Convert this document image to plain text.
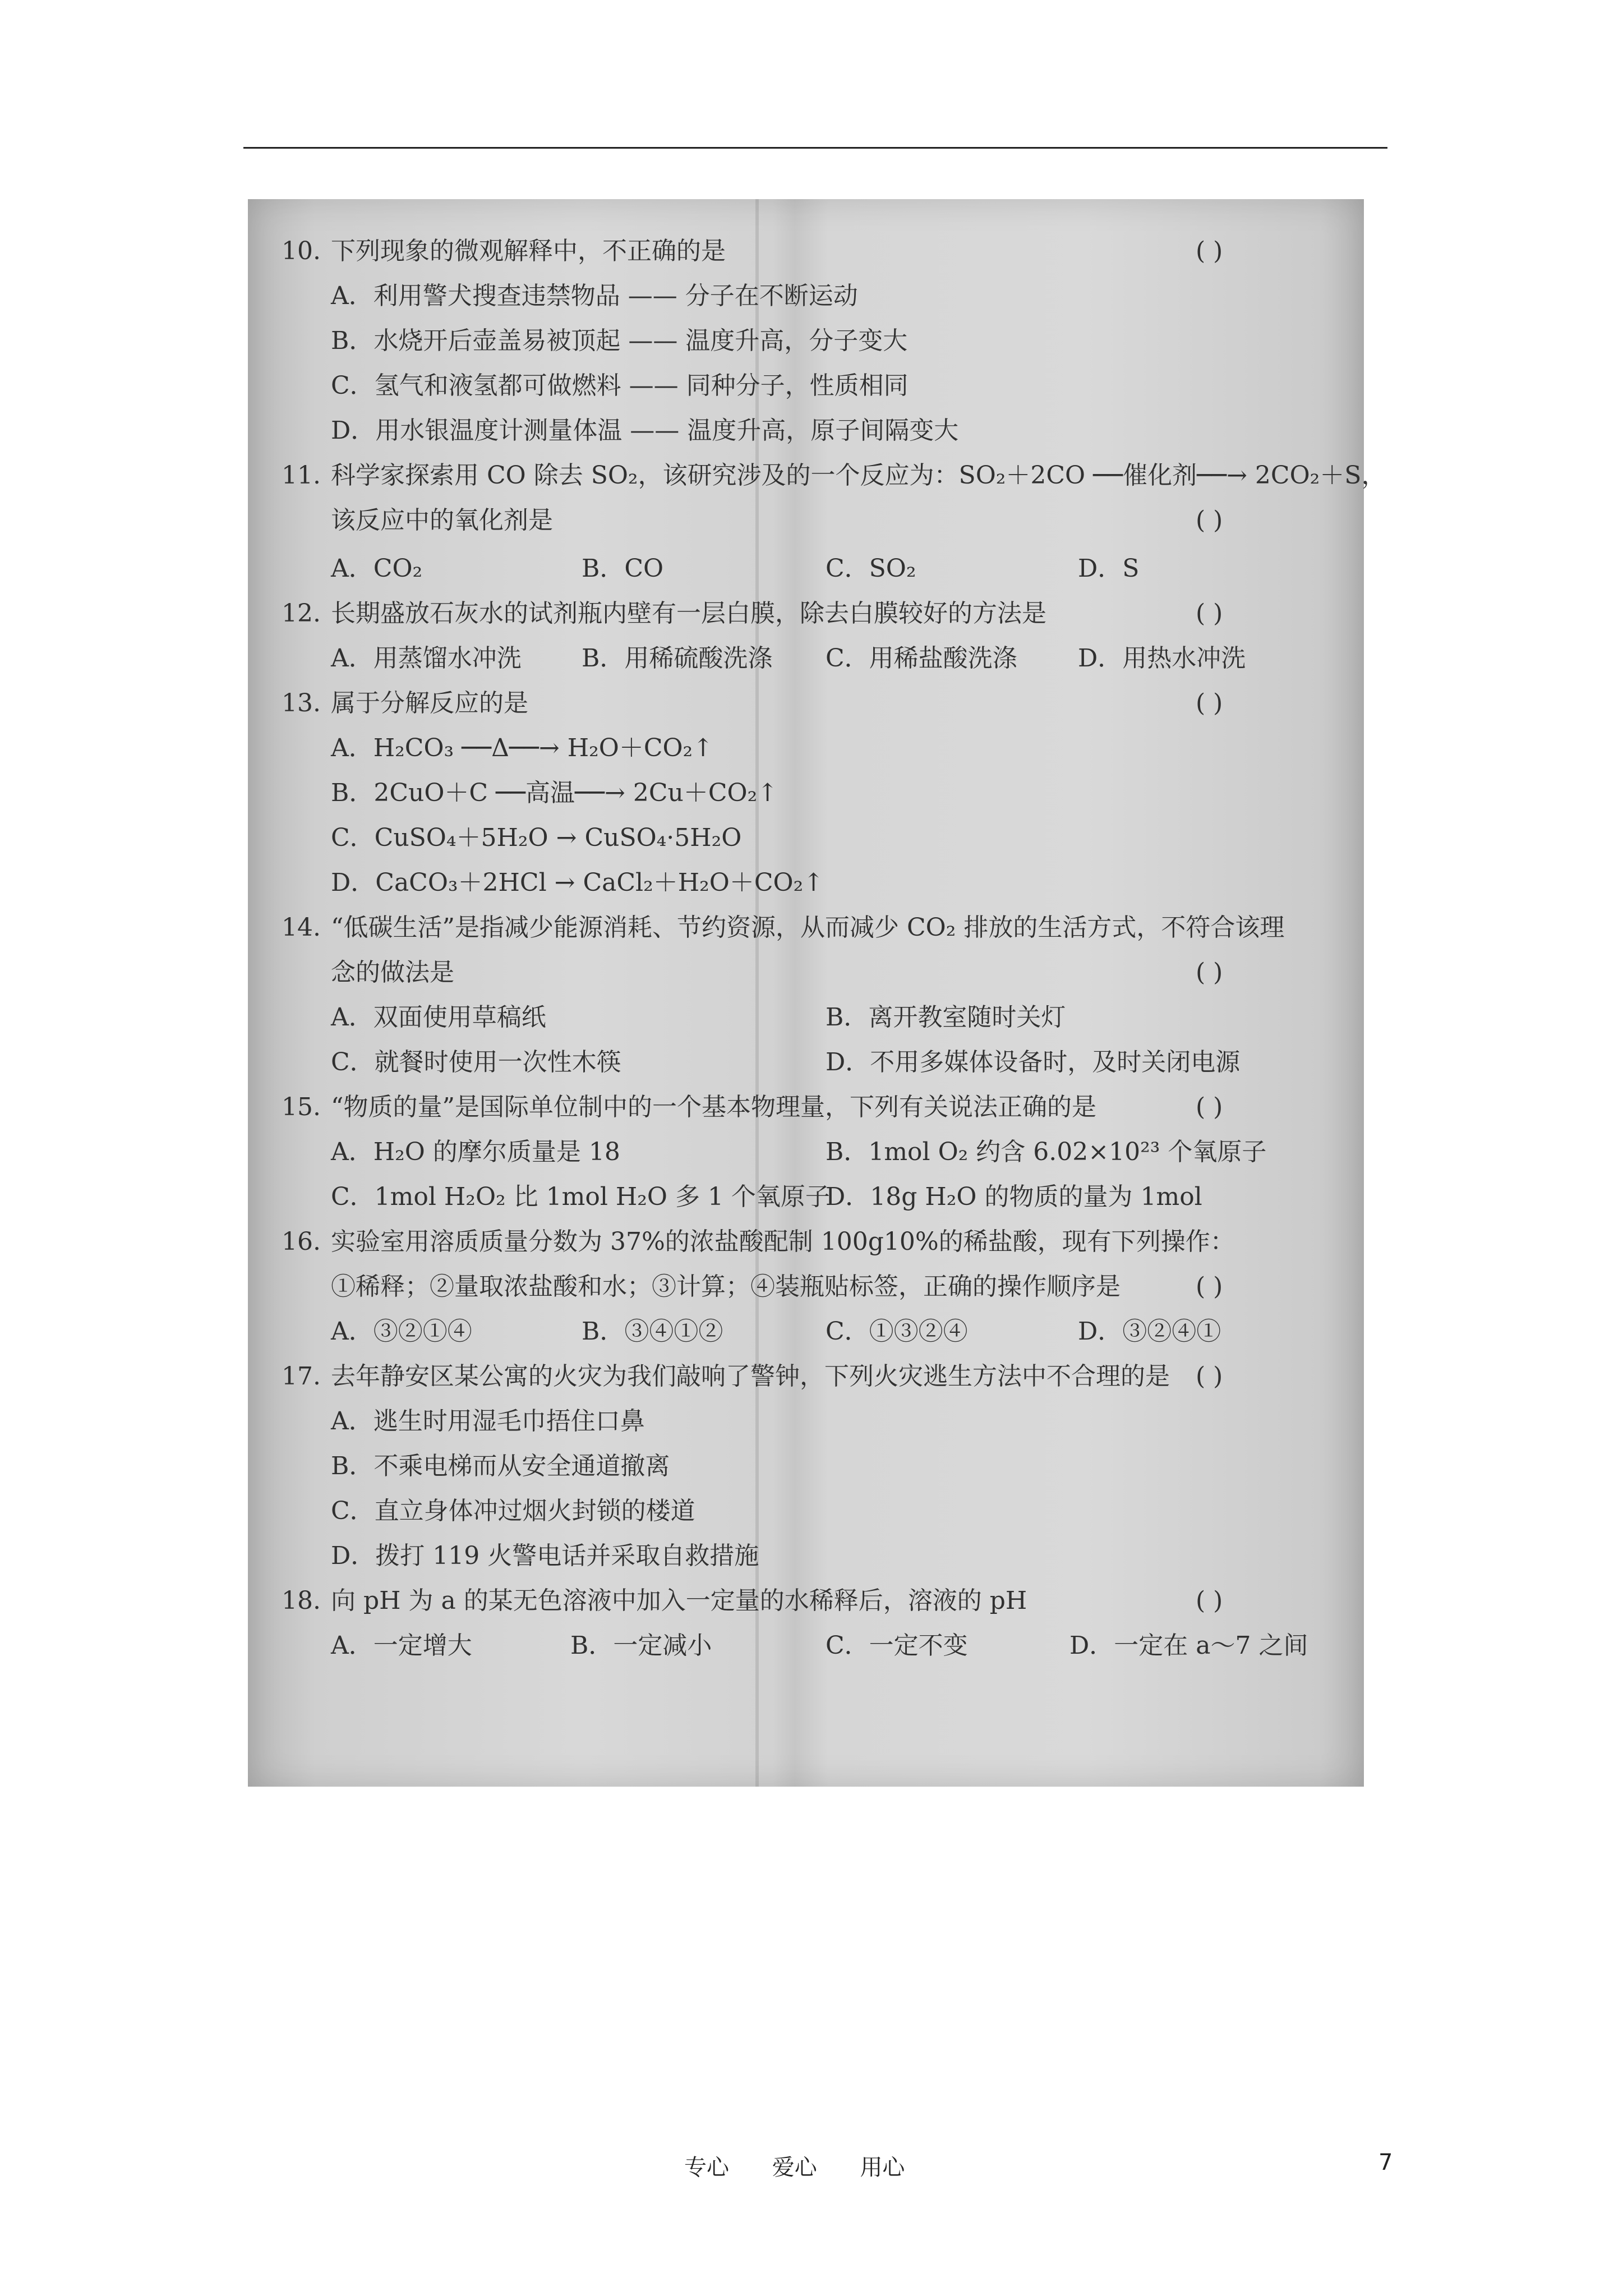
10. 下列现象的微观解释中，不正确的是	( )
A．利用警犬搜查违禁物品 —— 分子在不断运动
B．水烧开后壶盖易被顶起 —— 温度升高，分子变大
C．氢气和液氢都可做燃料 —— 同种分子，性质相同
D．用水银温度计测量体温 —— 温度升高，原子间隔变大
11. 科学家探索用 CO 除去 SO₂，该研究涉及的一个反应为：SO₂＋2CO ──催化剂──→ 2CO₂＋S，
该反应中的氧化剂是	( )
A．CO₂	B．CO	C．SO₂	D．S
12. 长期盛放石灰水的试剂瓶内壁有一层白膜，除去白膜较好的方法是	( )
A．用蒸馏水冲洗 B．用稀硫酸洗涤 C．用稀盐酸洗涤 D．用热水冲洗
13. 属于分解反应的是	( )
A．H₂CO₃ ──Δ──→ H₂O＋CO₂↑
B．2CuO＋C ──高温──→ 2Cu＋CO₂↑
C．CuSO₄＋5H₂O → CuSO₄·5H₂O
D．CaCO₃＋2HCl → CaCl₂＋H₂O＋CO₂↑
14. “低碳生活”是指减少能源消耗、节约资源，从而减少 CO₂ 排放的生活方式，不符合该理
念的做法是	( )
A．双面使用草稿纸	B．离开教室随时关灯
C．就餐时使用一次性木筷	D．不用多媒体设备时，及时关闭电源
15. “物质的量”是国际单位制中的一个基本物理量，下列有关说法正确的是	( )
A．H₂O 的摩尔质量是 18	B．1mol O₂ 约含 6.02×10²³ 个氧原子
C．1mol H₂O₂ 比 1mol H₂O 多 1 个氧原子
D．18g H₂O 的物质的量为 1mol
16. 实验室用溶质质量分数为 37%的浓盐酸配制 100g10%的稀盐酸，现有下列操作：
①稀释；②量取浓盐酸和水；③计算；④装瓶贴标签，正确的操作顺序是	( )
A．③②①④	B．③④①②	C．①③②④	D．③②④①
17. 去年静安区某公寓的火灾为我们敲响了警钟，下列火灾逃生方法中不合理的是 ( )
A．逃生时用湿毛巾捂住口鼻
B．不乘电梯而从安全通道撤离
C．直立身体冲过烟火封锁的楼道
D．拨打 119 火警电话并采取自救措施
18. 向 pH 为 a 的某无色溶液中加入一定量的水稀释后，溶液的 pH	( )
A．一定增大	B．一定减小	C．一定不变	D．一定在 a～7 之间
专心 爱心 用心	7
